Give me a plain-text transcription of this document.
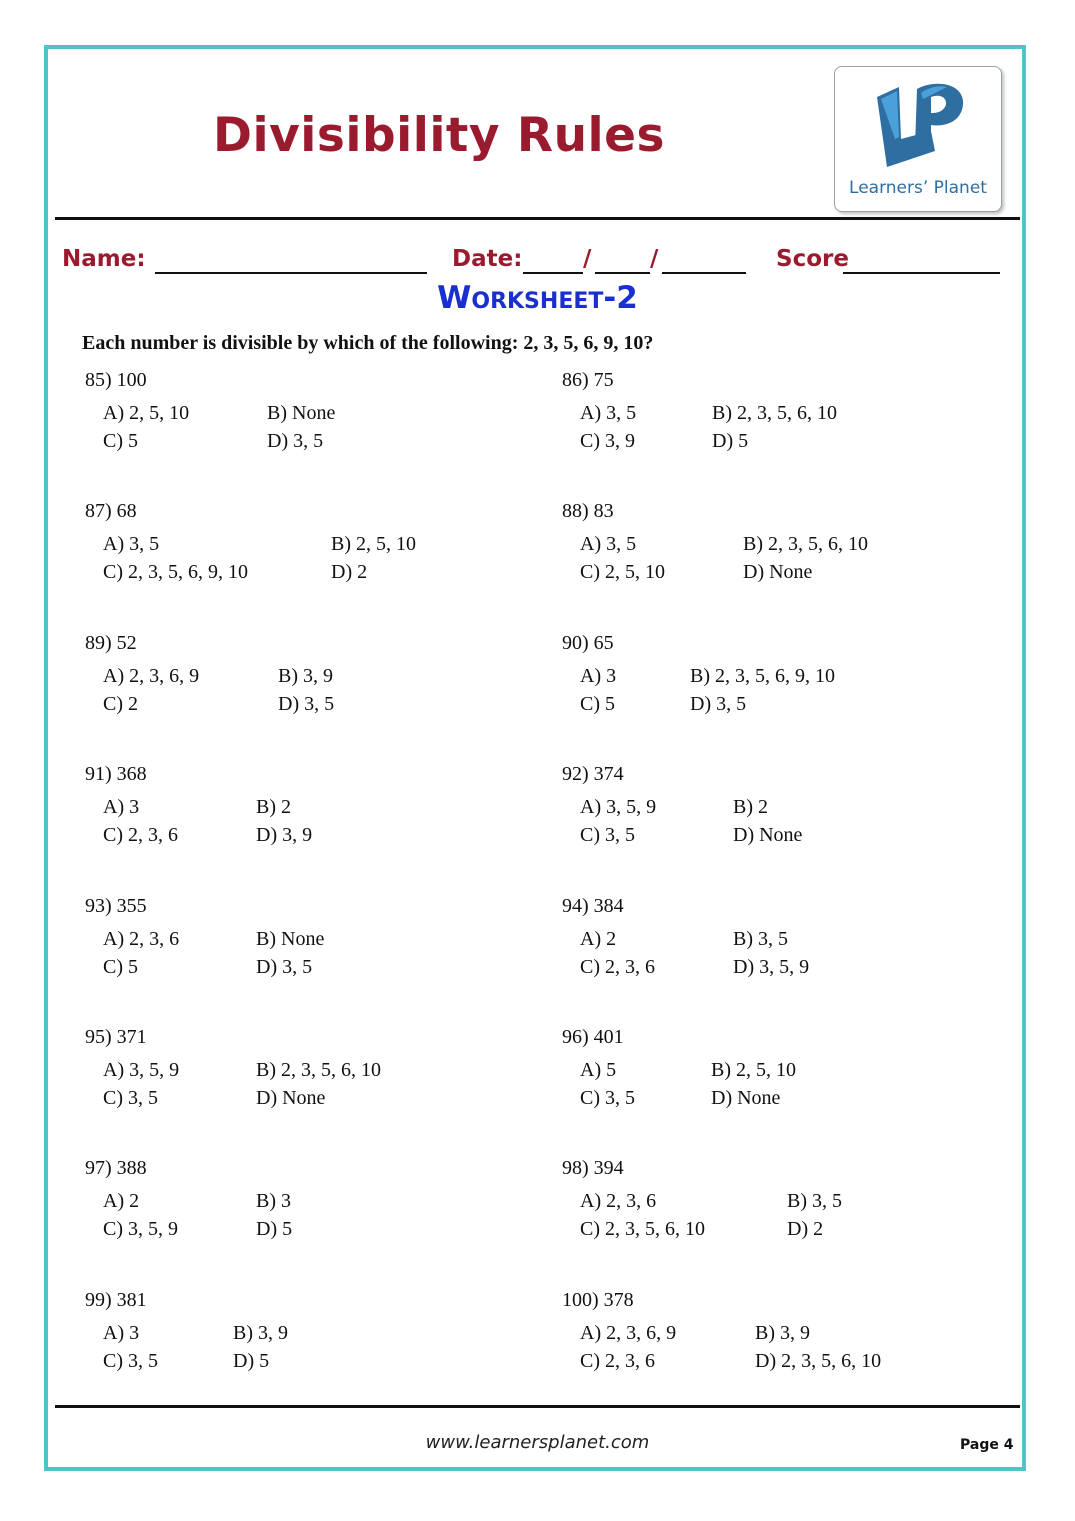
Divisibility Rules
Learners’ Planet
Name:	Date:	/	/	Score
Worksheet-2
Each number is divisible by which of the following: 2, 3, 5, 6, 9, 10?
85) 100
A) 2, 5, 10	B) None
C) 5	D) 3, 5
86) 75
A) 3, 5	B) 2, 3, 5, 6, 10
C) 3, 9	D) 5
87) 68
A) 3, 5	B) 2, 5, 10
C) 2, 3, 5, 6, 9, 10	D) 2
88) 83
A) 3, 5	B) 2, 3, 5, 6, 10
C) 2, 5, 10	D) None
89) 52
A) 2, 3, 6, 9	B) 3, 9
C) 2	D) 3, 5
90) 65
A) 3	B) 2, 3, 5, 6, 9, 10
C) 5	D) 3, 5
91) 368
A) 3	B) 2
C) 2, 3, 6	D) 3, 9
92) 374
A) 3, 5, 9	B) 2
C) 3, 5	D) None
93) 355
A) 2, 3, 6	B) None
C) 5	D) 3, 5
94) 384
A) 2	B) 3, 5
C) 2, 3, 6	D) 3, 5, 9
95) 371
A) 3, 5, 9	B) 2, 3, 5, 6, 10
C) 3, 5	D) None
96) 401
A) 5	B) 2, 5, 10
C) 3, 5	D) None
97) 388
A) 2	B) 3
C) 3, 5, 9	D) 5
98) 394
A) 2, 3, 6	B) 3, 5
C) 2, 3, 5, 6, 10	D) 2
99) 381
A) 3	B) 3, 9
C) 3, 5	D) 5
100) 378
A) 2, 3, 6, 9	B) 3, 9
C) 2, 3, 6	D) 2, 3, 5, 6, 10
www.learnersplanet.com	Page 4
